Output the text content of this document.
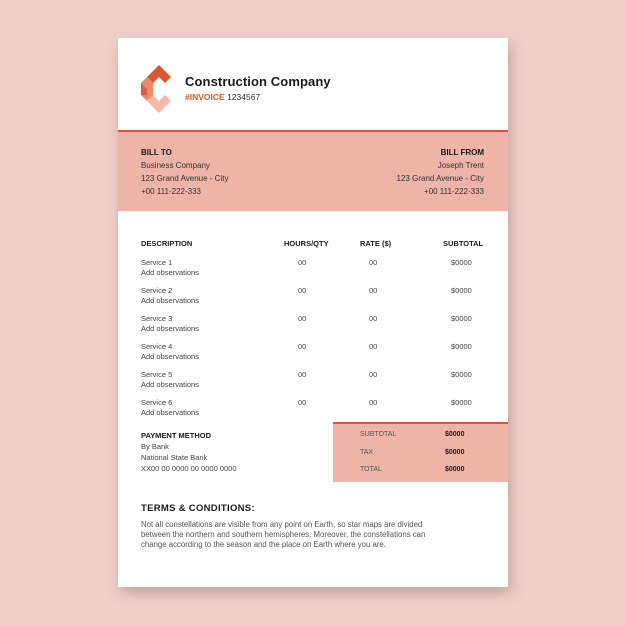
Construction Company
#INVOICE 1234567
BILL TO
Business Company
123 Grand Avenue - City
+00 111-222-333
BILL FROM
Joseph Trent
123 Grand Avenue - City
+00 111-222-333
DESCRIPTION	HOURS/QTY	RATE ($)	SUBTOTAL
Service 1
Add observations
00	00	$0000
Service 2
Add observations
00	00	$0000
Service 3
Add observations
00	00	$0000
Service 4
Add observations
00	00	$0000
Service 5
Add observations
00	00	$0000
Service 6
Add observations
00	00	$0000
PAYMENT METHOD
By Bank
National State Bank
XX00 00 0000 00 0000 0000
SUBTOTAL	$0000
TAX	$0000
TOTAL	$0000
TERMS & CONDITIONS:
Not all constellations are visible from any point on Earth, so star maps are divided between the northern and southern hemispheres. Moreover, the constellations can change according to the season and the place on Earth where you are.
